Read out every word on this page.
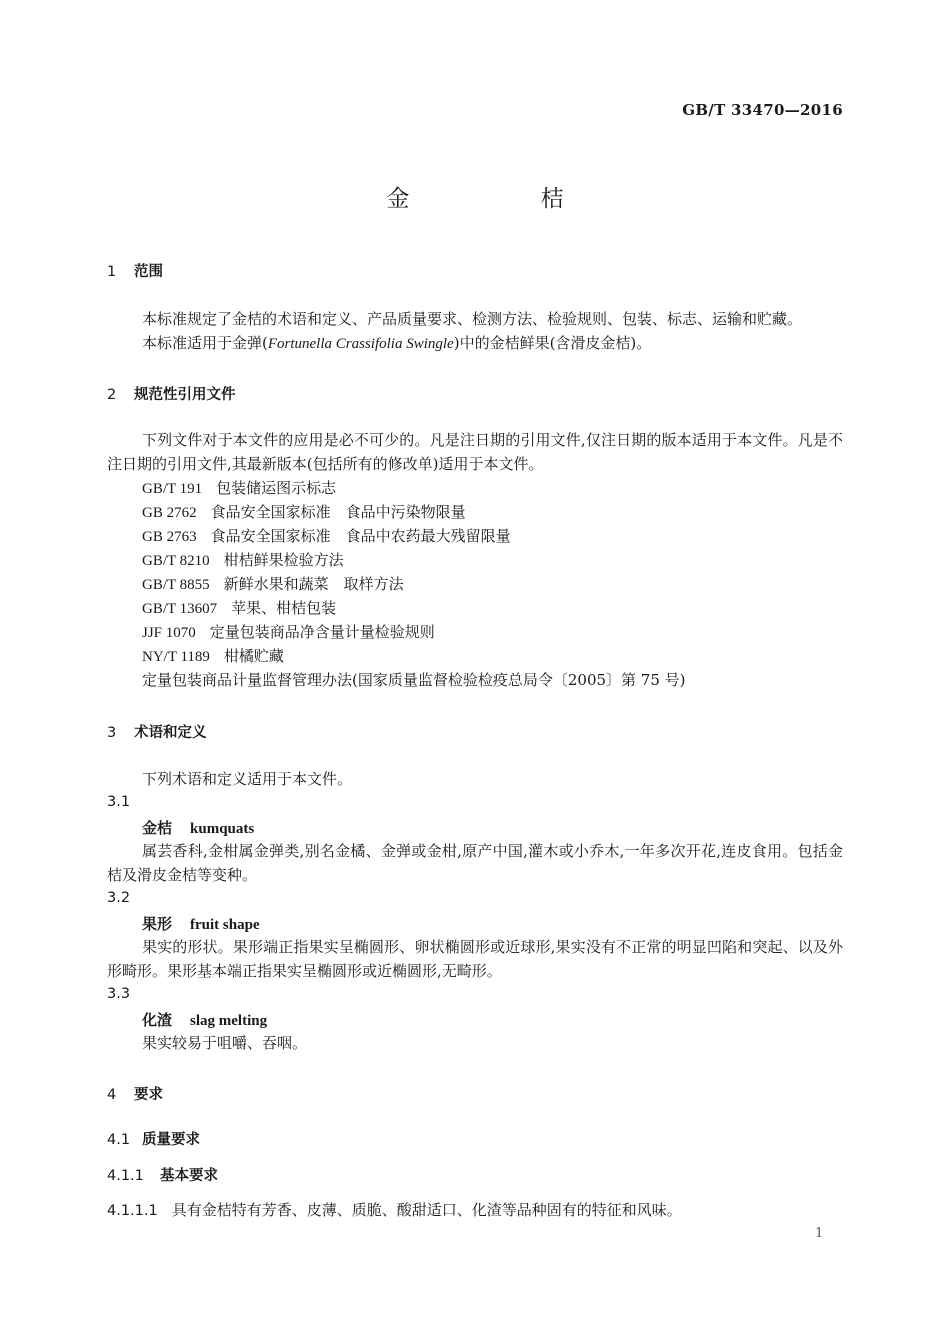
GB/T 33470—2016
金 桔
1 范围
本标准规定了金桔的术语和定义、产品质量要求、检测方法、检验规则、包装、标志、运输和贮藏。
本标准适用于金弹(Fortunella Crassifolia Swingle)中的金桔鲜果(含滑皮金桔)。
2 规范性引用文件
下列文件对于本文件的应用是必不可少的。凡是注日期的引用文件,仅注日期的版本适用于本文件。凡是不注日期的引用文件,其最新版本(包括所有的修改单)适用于本文件。
GB/T 191 包装储运图示标志
GB 2762 食品安全国家标准　食品中污染物限量
GB 2763 食品安全国家标准　食品中农药最大残留限量
GB/T 8210 柑桔鲜果检验方法
GB/T 8855 新鲜水果和蔬菜　取样方法
GB/T 13607 苹果、柑桔包装
JJF 1070 定量包装商品净含量计量检验规则
NY/T 1189 柑橘贮藏
定量包装商品计量监督管理办法(国家质量监督检验检疫总局令〔2005〕第 75 号)
3 术语和定义
下列术语和定义适用于本文件。
3.1
金桔 kumquats
属芸香科,金柑属金弹类,别名金橘、金弹或金柑,原产中国,灌木或小乔木,一年多次开花,连皮食用。包括金桔及滑皮金桔等变种。
3.2
果形 fruit shape
果实的形状。果形端正指果实呈椭圆形、卵状椭圆形或近球形,果实没有不正常的明显凹陷和突起、以及外形畸形。果形基本端正指果实呈椭圆形或近椭圆形,无畸形。
3.3
化渣 slag melting
果实较易于咀嚼、吞咽。
4 要求
4.1 质量要求
4.1.1 基本要求
4.1.1.1 具有金桔特有芳香、皮薄、质脆、酸甜适口、化渣等品种固有的特征和风味。
1
